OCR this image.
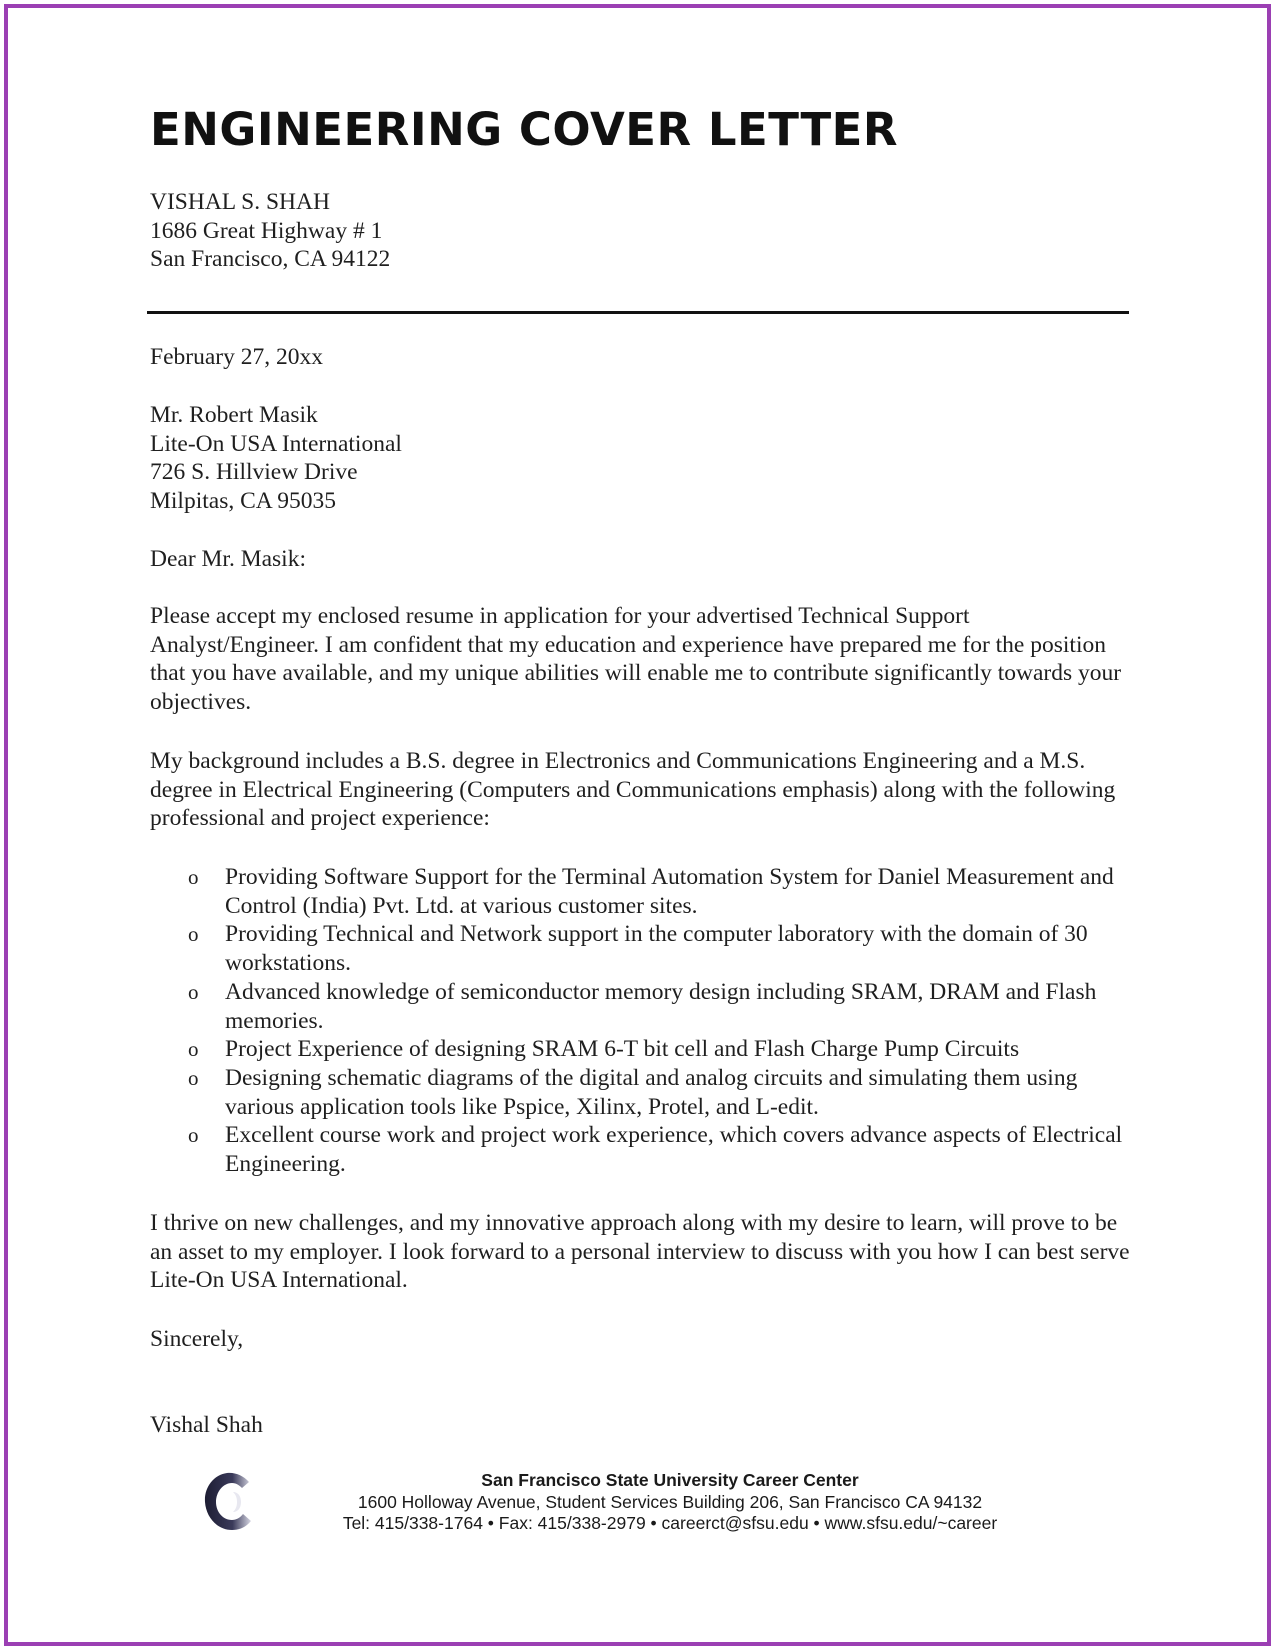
ENGINEERING COVER LETTER
VISHAL S. SHAH
1686 Great Highway # 1
San Francisco, CA 94122
February 27, 20xx
Mr. Robert Masik
Lite-On USA International
726 S. Hillview Drive
Milpitas, CA 95035
Dear Mr. Masik:

Please accept my enclosed resume in application for your advertised Technical Support Analyst/Engineer. I am confident that my education and experience have prepared me for the position that you have available, and my unique abilities will enable me to contribute significantly towards your objectives.

My background includes a B.S. degree in Electronics and Communications Engineering and a M.S. degree in Electrical Engineering (Computers and Communications emphasis) along with the following professional and project experience:

o Providing Software Support for the Terminal Automation System for Daniel Measurement and Control (India) Pvt. Ltd. at various customer sites.
o Providing Technical and Network support in the computer laboratory with the domain of 30 workstations.
o Advanced knowledge of semiconductor memory design including SRAM, DRAM and Flash memories.
o Project Experience of designing SRAM 6-T bit cell and Flash Charge Pump Circuits
o Designing schematic diagrams of the digital and analog circuits and simulating them using various application tools like Pspice, Xilinx, Protel, and L-edit.
o Excellent course work and project work experience, which covers advance aspects of Electrical Engineering.

I thrive on new challenges, and my innovative approach along with my desire to learn, will prove to be an asset to my employer. I look forward to a personal interview to discuss with you how I can best serve Lite-On USA International.

Sincerely,
Vishal Shah
San Francisco State University Career Center
1600 Holloway Avenue, Student Services Building 206, San Francisco CA 94132
Tel: 415/338-1764 • Fax: 415/338-2979 • careerct@sfsu.edu • www.sfsu.edu/~career
